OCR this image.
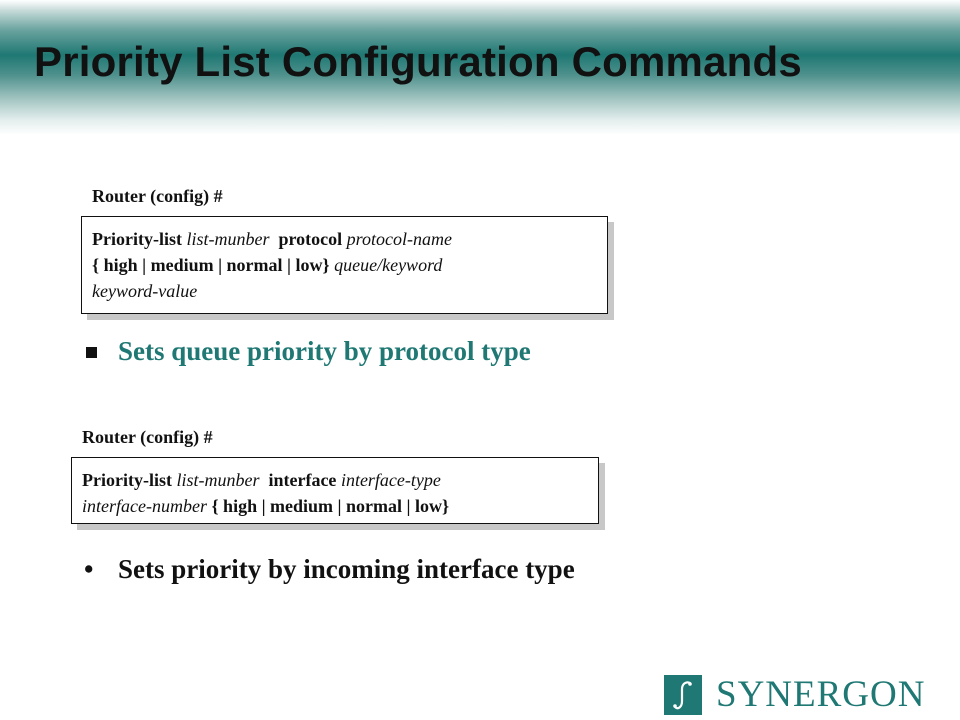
Priority List Configuration Commands
Router (config) #
Priority-list list-munber  protocol protocol-name
{ high | medium | normal | low} queue/keyword
keyword-value
Sets queue priority by protocol type
Router (config) #
Priority-list list-munber  interface interface-type
interface-number { high | medium | normal | low}
• Sets priority by incoming interface type
SYNERGON
